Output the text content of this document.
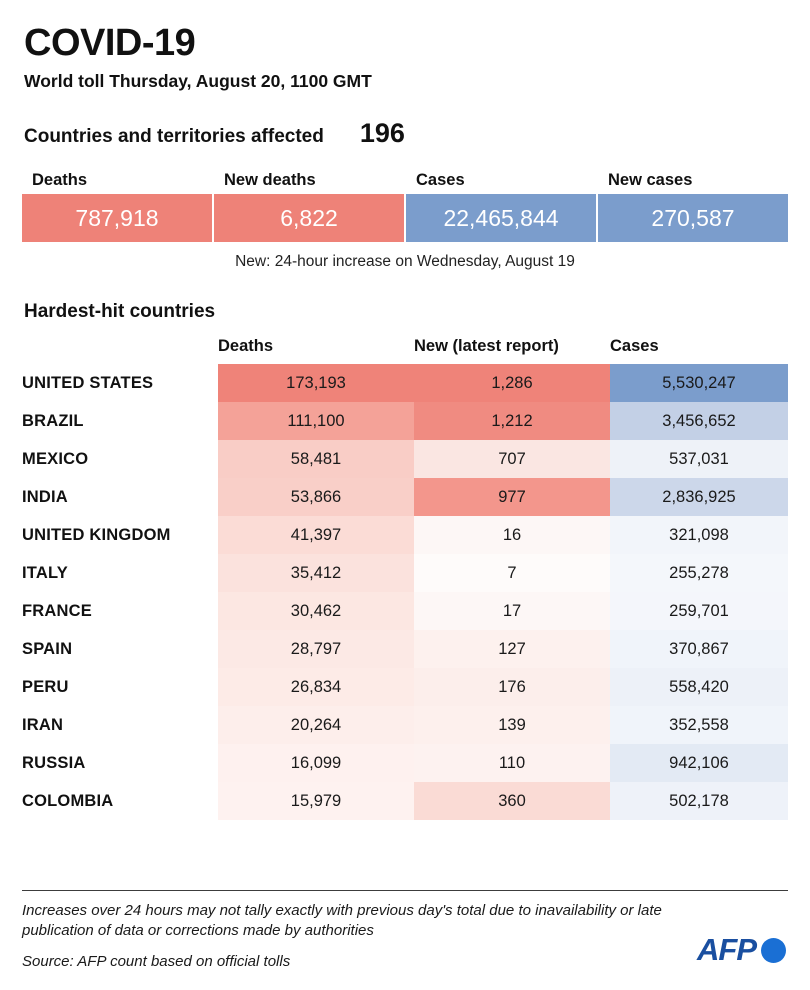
COVID-19
World toll Thursday, August 20, 1100 GMT
Countries and territories affected 196
Deaths	New deaths	Cases	New cases
787,918	6,822	22,465,844	270,587
New: 24-hour increase on Wednesday, August 19
Hardest-hit countries
	Deaths	New (latest report)	Cases
UNITED STATES	173,193	1,286	5,530,247
BRAZIL	111,100	1,212	3,456,652
MEXICO	58,481	707	537,031
INDIA	53,866	977	2,836,925
UNITED KINGDOM	41,397	16	321,098
ITALY	35,412	7	255,278
FRANCE	30,462	17	259,701
SPAIN	28,797	127	370,867
PERU	26,834	176	558,420
IRAN	20,264	139	352,558
RUSSIA	16,099	110	942,106
COLOMBIA	15,979	360	502,178
Increases over 24 hours may not tally exactly with previous day's total due to inavailability or late publication of data or corrections made by authorities
Source: AFP count based on official tolls	AFP
